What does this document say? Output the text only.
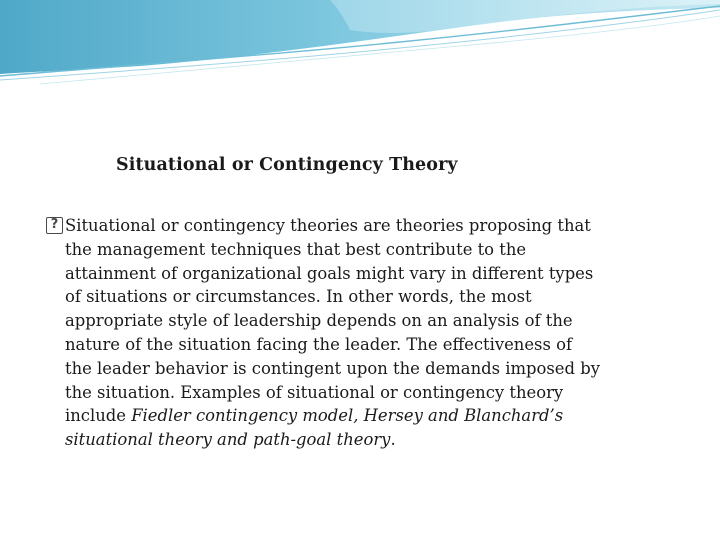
Situational or Contingency Theory
? Situational or contingency theories are theories proposing that
the management techniques that best contribute to the
attainment of organizational goals might vary in different types
of situations or circumstances. In other words, the most
appropriate style of leadership depends on an analysis of the
nature of the situation facing the leader. The effectiveness of
the leader behavior is contingent upon the demands imposed by
the situation. Examples of situational or contingency theory
include Fiedler contingency model, Hersey and Blanchard’s
situational theory and path-goal theory.
